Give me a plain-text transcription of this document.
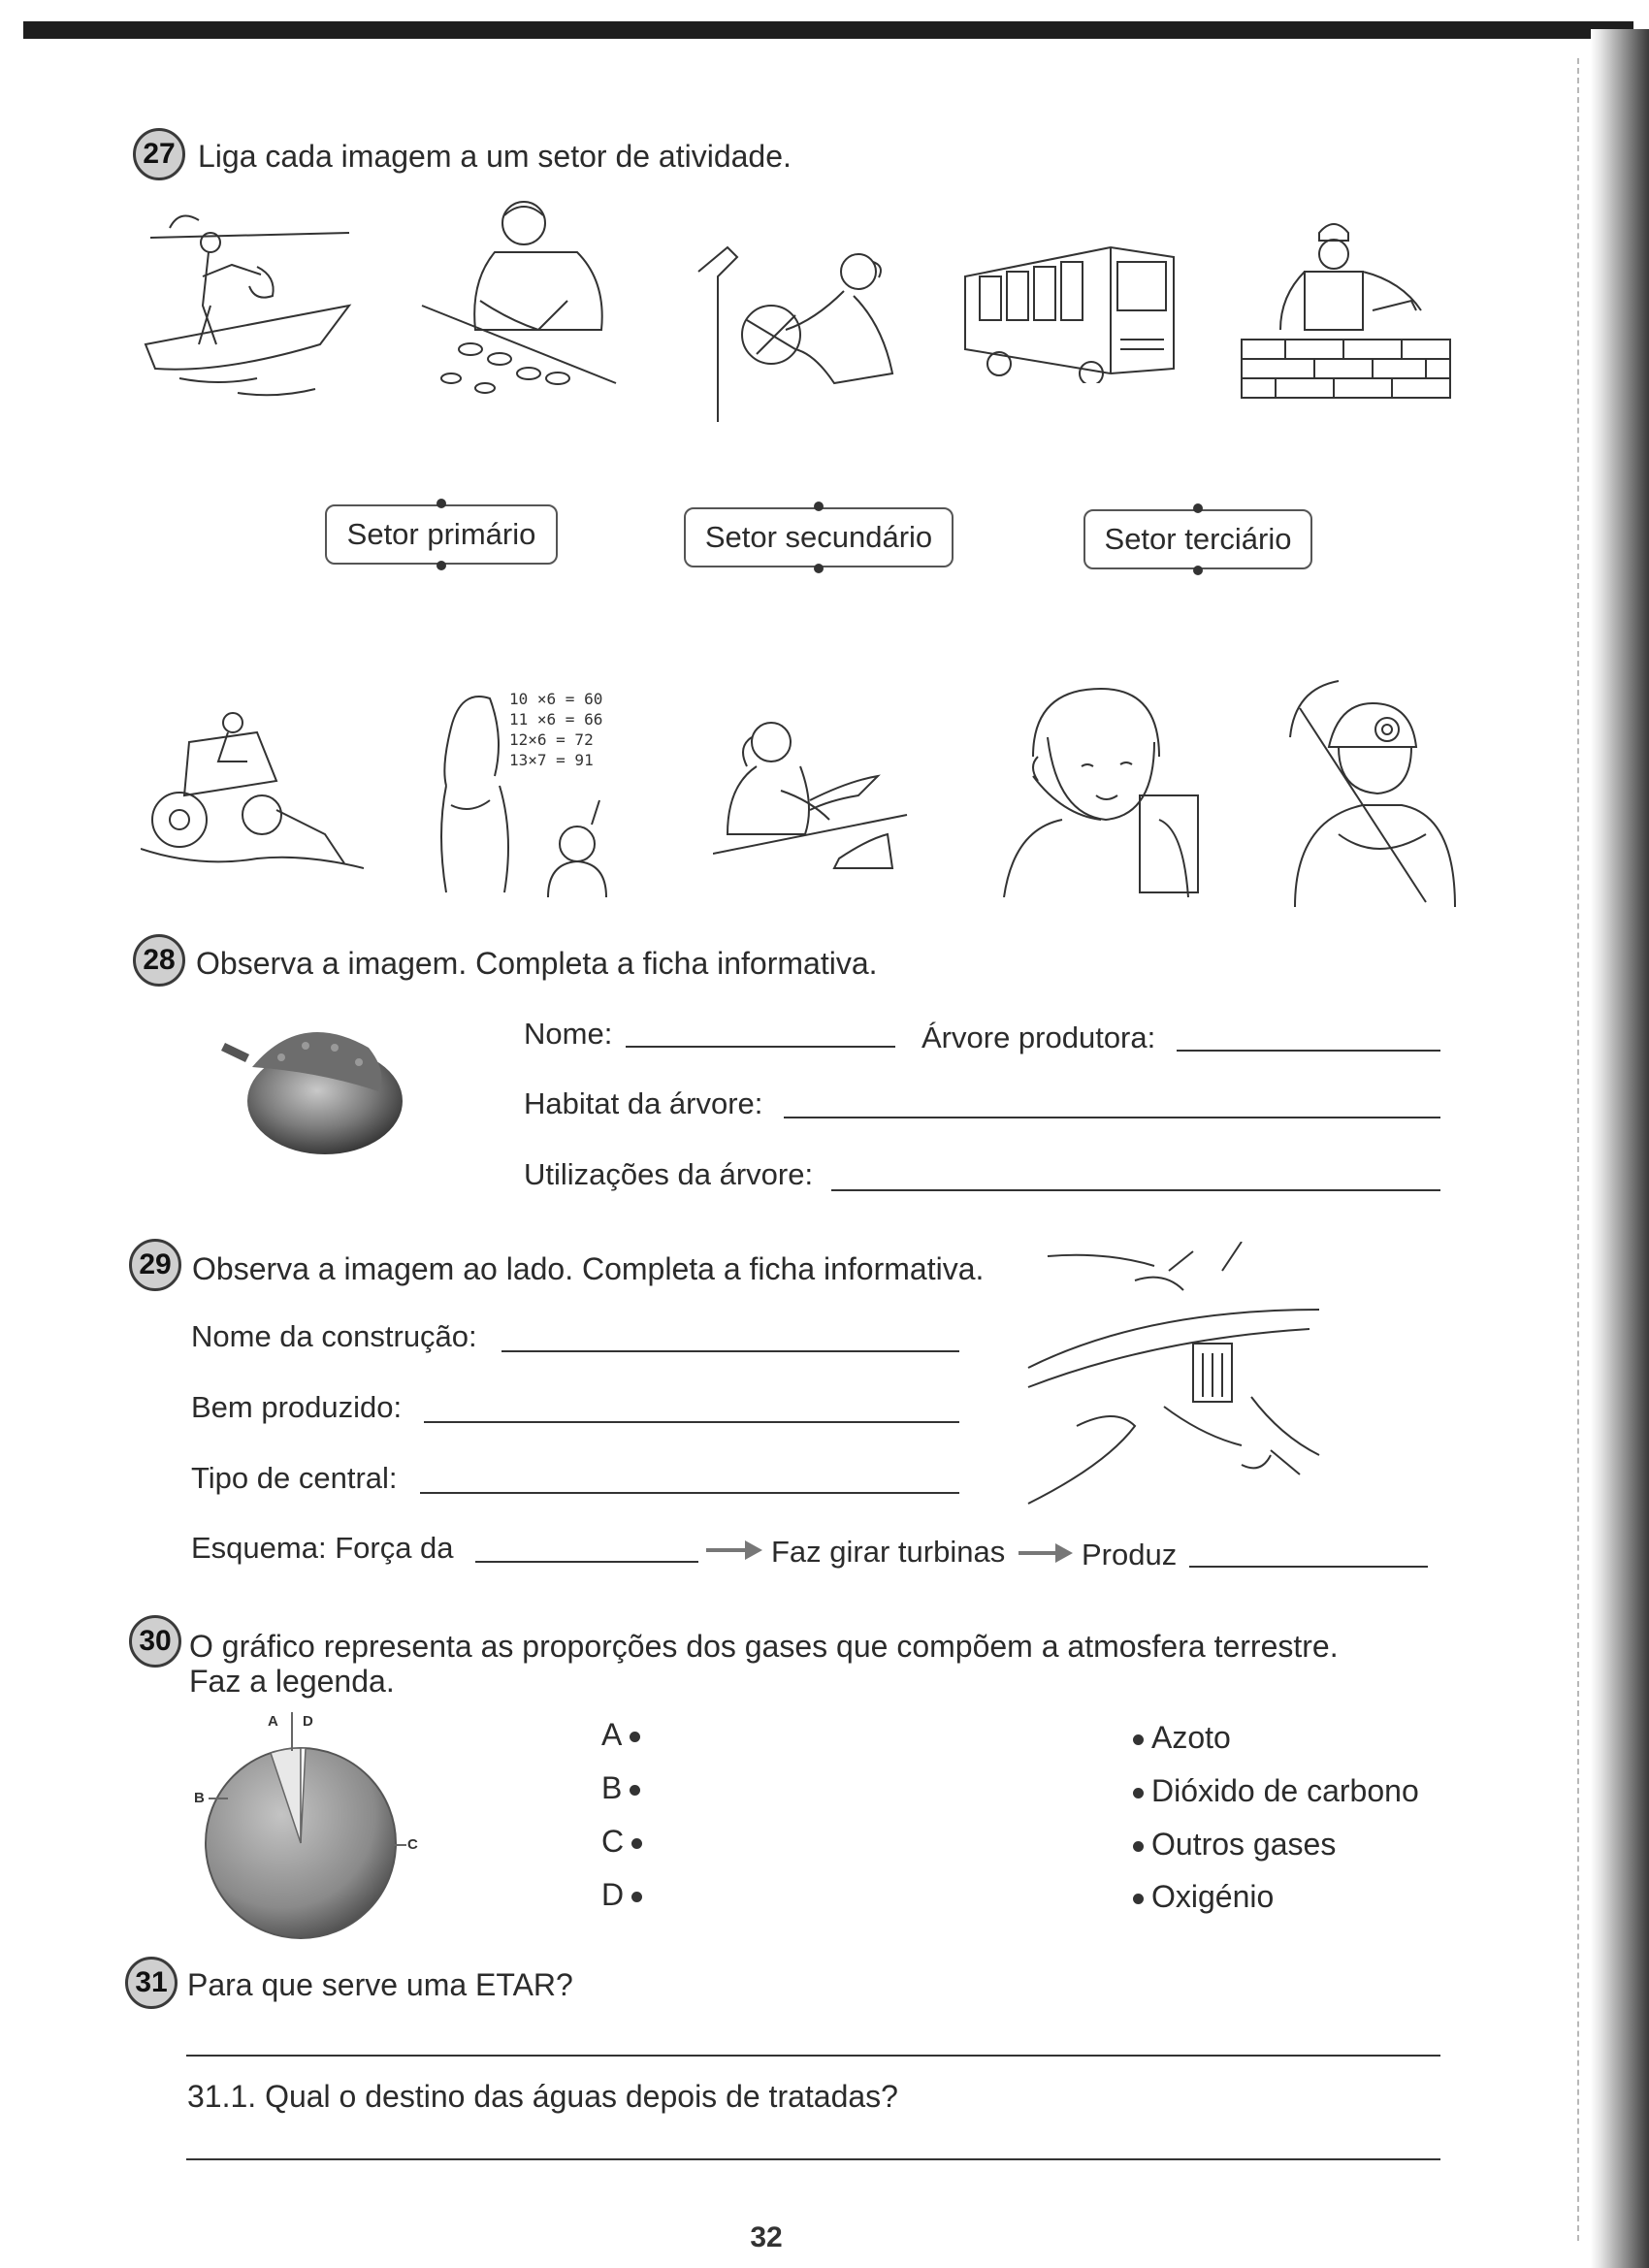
27 Liga cada imagem a um setor de atividade.
Setor primário	Setor secundário	Setor terciário
10 ×6 = 60
11 ×6 = 66
12×6 = 72
13×7 = 91
28 Observa a imagem. Completa a ficha informativa.
Nome:	Árvore produtora:
Habitat da árvore:
Utilizações da árvore:
29 Observa a imagem ao lado. Completa a ficha informativa.
Nome da construção:
Bem produzido:
Tipo de central:
Esquema: Força da	Faz girar turbinas	Produz
30 O gráfico representa as proporções dos gases que compõem a atmosfera terrestre.
Faz a legenda.
A D
B
C
A
B
C
D
Azoto
Dióxido de carbono
Outros gases
Oxigénio
31 Para que serve uma ETAR?
31.1. Qual o destino das águas depois de tratadas?
32
